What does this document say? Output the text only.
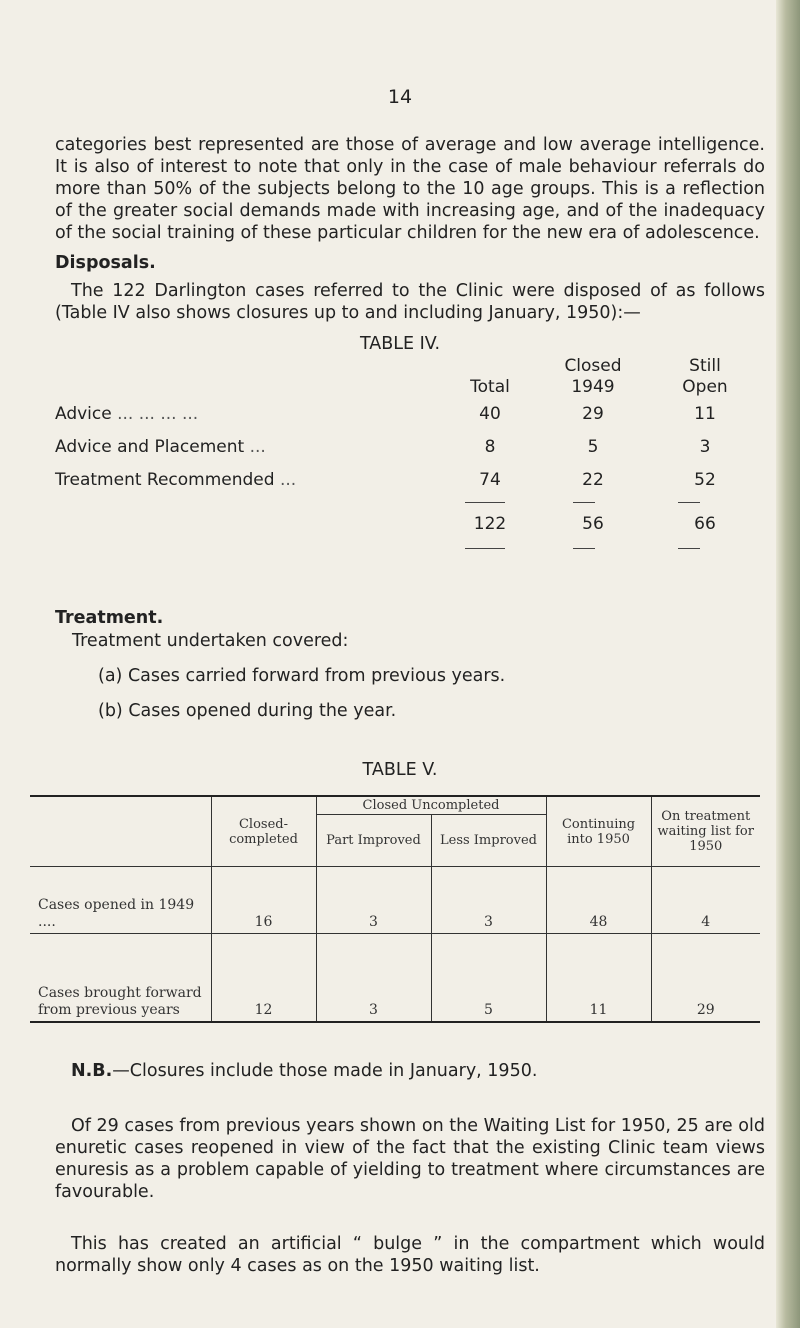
14

categories best represented are those of average and low average intelligence. It is also of interest to note that only in the case of male behaviour referrals do more than 50% of the subjects belong to the 10 age groups. This is a reflection of the greater social demands made with increasing age, and of the inadequacy of the social training of these particular children for the new era of adolescence.

Disposals.

The 122 Darlington cases referred to the Clinic were disposed of as follows (Table IV also shows closures up to and including January, 1950):—

TABLE IV.
Closed	Still
Total	1949	Open
Advice ... ... ... ...	40	29	11
Advice and Placement ...	8	5	3
Treatment Recommended ...	74	22	52
122	56	66

Treatment.

Treatment undertaken covered:
(a) Cases carried forward from previous years.
(b) Cases opened during the year.
TABLE V.
	Closed-completed	Closed Uncompleted		Continuing into 1950	On treatment waiting list for 1950
		Part Improved	Less Improved		
Cases opened in 1949 ....	16	3	3	48	4
Cases brought forward from previous years	12	3	5	11	29

N.B.—Closures include those made in January, 1950.

Of 29 cases from previous years shown on the Waiting List for 1950, 25 are old enuretic cases reopened in view of the fact that the existing Clinic team views enuresis as a problem capable of yielding to treatment where circumstances are favourable.

This has created an artificial “ bulge ” in the compartment which would normally show only 4 cases as on the 1950 waiting list.
